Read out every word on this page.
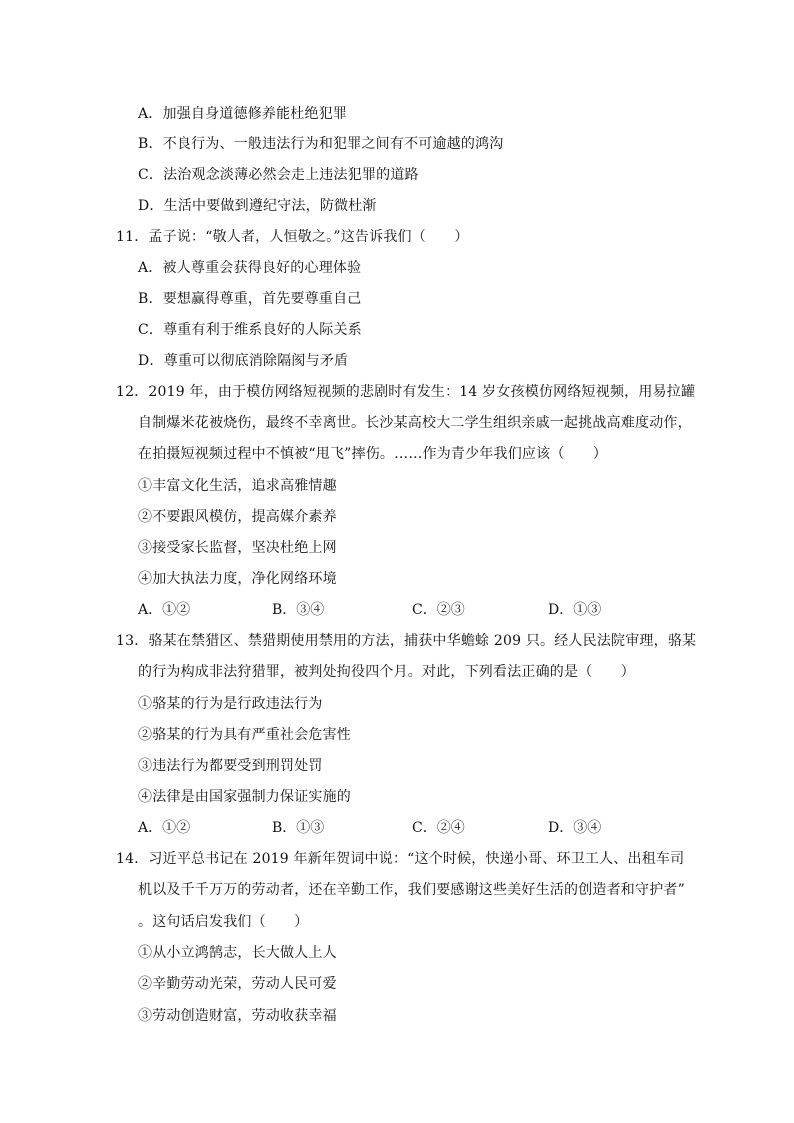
A．加强自身道德修养能杜绝犯罪
B．不良行为、一般违法行为和犯罪之间有不可逾越的鸿沟
C．法治观念淡薄必然会走上违法犯罪的道路
D．生活中要做到遵纪守法，防微杜渐
11．孟子说：“敬人者，人恒敬之。”这告诉我们（　　）
A．被人尊重会获得良好的心理体验
B．要想赢得尊重，首先要尊重自己
C．尊重有利于维系良好的人际关系
D．尊重可以彻底消除隔阂与矛盾
12．2019 年，由于模仿网络短视频的悲剧时有发生：14 岁女孩模仿网络短视频，用易拉罐
自制爆米花被烧伤，最终不幸离世。长沙某高校大二学生组织亲戚一起挑战高难度动作，
在拍摄短视频过程中不慎被“甩飞”摔伤。……作为青少年我们应该（　　）
①丰富文化生活，追求高雅情趣
②不要跟风模仿，提高媒介素养
③接受家长监督，坚决杜绝上网
④加大执法力度，净化网络环境
A．①②	B．③④	C．②③	D．①③
13．骆某在禁猎区、禁猎期使用禁用的方法，捕获中华蟾蜍 209 只。经人民法院审理，骆某
的行为构成非法狩猎罪，被判处拘役四个月。对此，下列看法正确的是（　　）
①骆某的行为是行政违法行为
②骆某的行为具有严重社会危害性
③违法行为都要受到刑罚处罚
④法律是由国家强制力保证实施的
A．①②	B．①③	C．②④	D．③④
14．习近平总书记在 2019 年新年贺词中说：“这个时候，快递小哥、环卫工人、出租车司
机以及千千万万的劳动者，还在辛勤工作，我们要感谢这些美好生活的创造者和守护者”
。这句话启发我们（　　）
①从小立鸿鹄志，长大做人上人
②辛勤劳动光荣，劳动人民可爱
③劳动创造财富，劳动收获幸福
